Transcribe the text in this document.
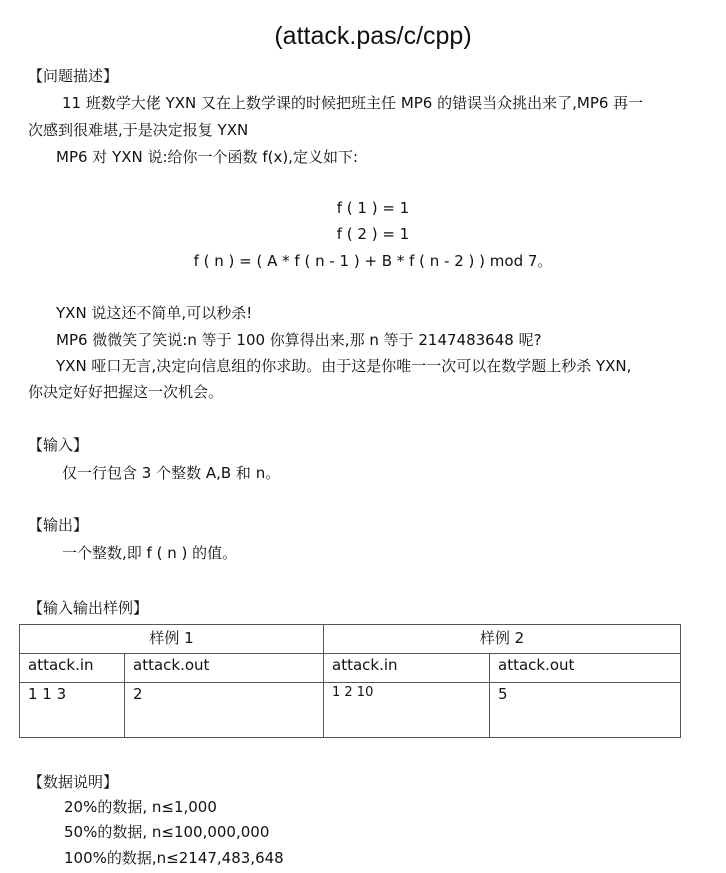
(attack.pas/c/cpp)
【问题描述】
11 班数学大佬 YXN 又在上数学课的时候把班主任 MP6 的错误当众挑出来了,MP6 再一
次感到很难堪,于是决定报复 YXN
MP6 对 YXN 说:给你一个函数 f(x),定义如下:
f ( 1 ) = 1
f ( 2 ) = 1
f ( n ) = ( A * f ( n - 1 ) + B * f ( n - 2 ) ) mod 7。
YXN 说这还不简单,可以秒杀!
MP6 微微笑了笑说:n 等于 100 你算得出来,那 n 等于 2147483648 呢?
YXN 哑口无言,决定向信息组的你求助。由于这是你唯一一次可以在数学题上秒杀 YXN,
你决定好好把握这一次机会。
【输入】
仅一行包含 3 个整数 A,B 和 n。
【输出】
一个整数,即 f ( n ) 的值。
【输入输出样例】
样例 1		样例 2	
attack.in	attack.out	attack.in	attack.out
1 1 3	2	1 2 10	5
【数据说明】
20%的数据, n≤1,000
50%的数据, n≤100,000,000
100%的数据,n≤2147,483,648
